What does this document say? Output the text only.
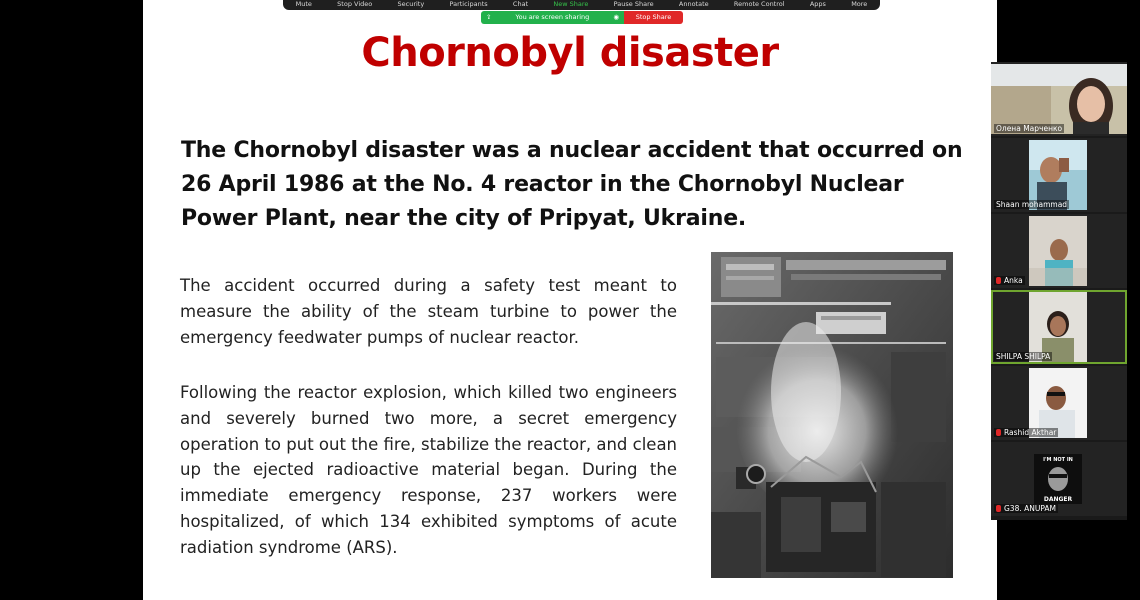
Chornobyl disaster
The Chornobyl disaster was a nuclear accident that occurred on 26 April 1986 at the No. 4 reactor in the Chornobyl Nuclear Power Plant, near the city of Pripyat, Ukraine.
The accident occurred during a safety test meant to measure the ability of the steam turbine to power the emergency feedwater pumps of nuclear reactor.
Following the reactor explosion, which killed two engineers and severely burned two more, a secret emergency operation to put out the fire, stabilize the reactor, and clean up the ejected radioactive material began. During the immediate emergency response, 237 workers were hospitalized, of which 134 exhibited symptoms of acute radiation syndrome (ARS).
Mute	Stop Video	Security	Participants	Chat	New Share	Pause Share	Annotate	Remote Control	Apps	More
⇪	You are screen sharing	◉	Stop Share
Олена Марченко
Shaan mohammad
Anka
SHILPA SHILPA
Rashid Akthar
I'M NOT IN
DANGER
G38. ANUPAM
